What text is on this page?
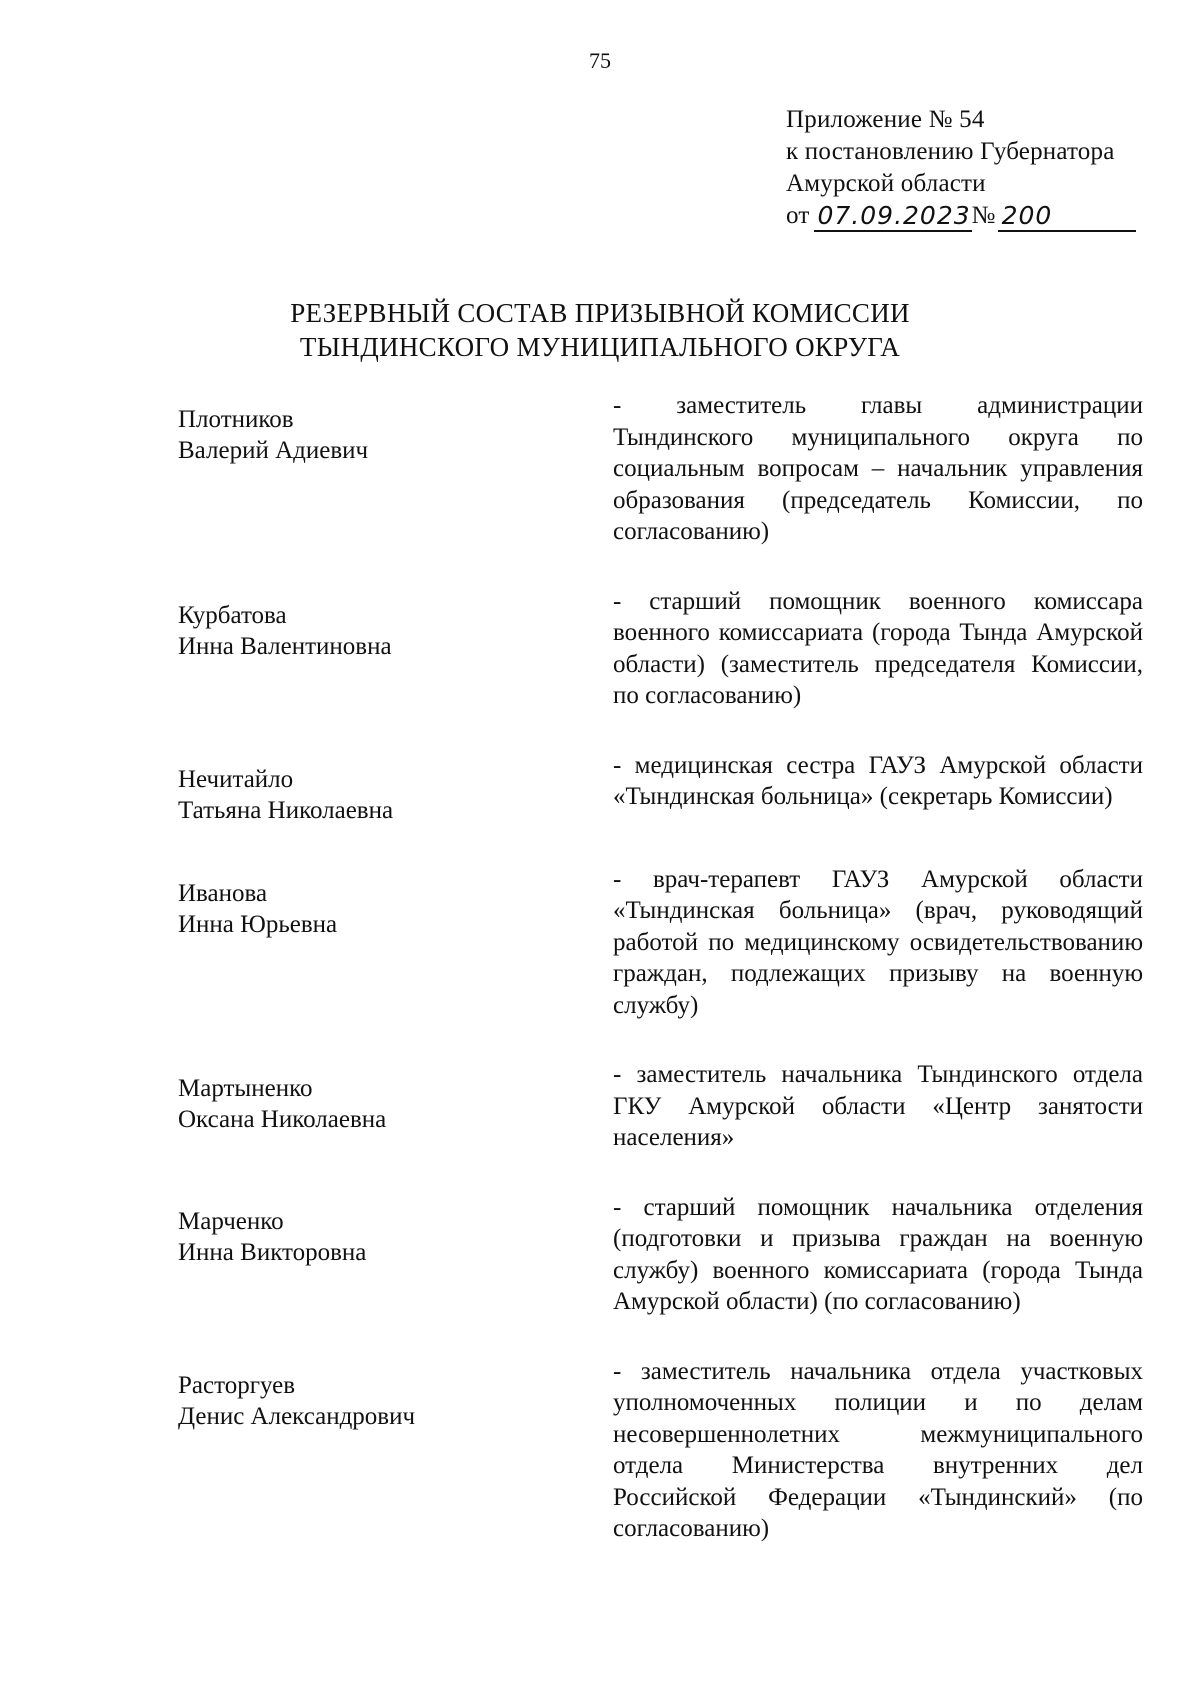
75
Приложение № 54
к постановлению Губернатора
Амурской области
от 07.09.2023 № 200
РЕЗЕРВНЫЙ СОСТАВ ПРИЗЫВНОЙ КОМИССИИ
ТЫНДИНСКОГО МУНИЦИПАЛЬНОГО ОКРУГА
Плотников
Валерий Адиевич
- заместитель главы администрации Тындинского муниципального округа по социальным вопросам – начальник управления образования (председатель Комиссии, по согласованию)
Курбатова
Инна Валентиновна
- старший помощник военного комиссара военного комиссариата (города Тында Амурской области) (заместитель председателя Комиссии, по согласованию)
Нечитайло
Татьяна Николаевна
- медицинская сестра ГАУЗ Амурской области «Тындинская больница» (секретарь Комиссии)
Иванова
Инна Юрьевна
- врач-терапевт ГАУЗ Амурской области «Тындинская больница» (врач, руководящий работой по медицинскому освидетельствованию граждан, подлежащих призыву на военную службу)
Мартыненко
Оксана Николаевна
- заместитель начальника Тындинского отдела ГКУ Амурской области «Центр занятости населения»
Марченко
Инна Викторовна
- старший помощник начальника отделения (подготовки и призыва граждан на военную службу) военного комиссариата (города Тында Амурской области) (по согласованию)
Расторгуев
Денис Александрович
- заместитель начальника отдела участковых уполномоченных полиции и по делам несовершеннолетних межмуниципального отдела Министерства внутренних дел Российской Федерации «Тындинский» (по согласованию)
